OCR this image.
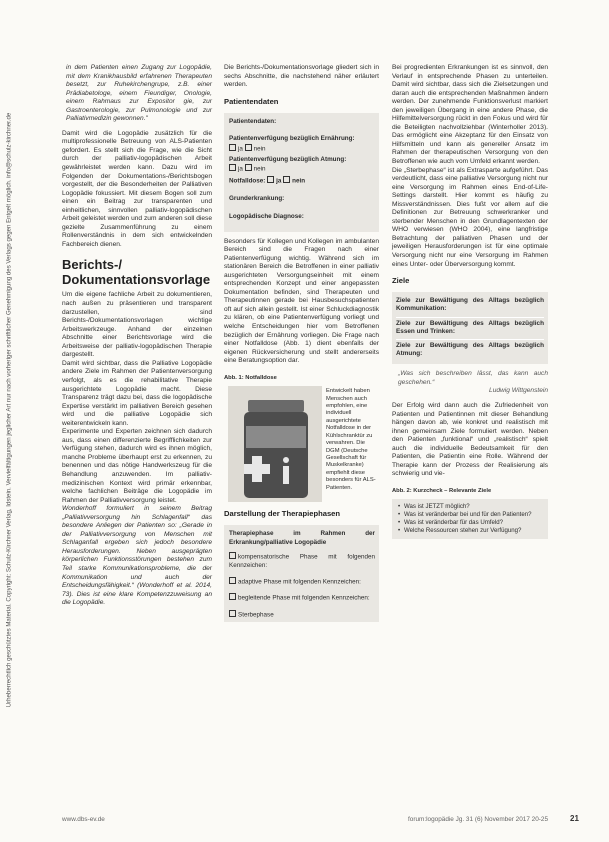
Urheberrechtlich geschütztes Material. Copyright: Schulz-Kirchner Verlag, Idstein. Vervielfältigungen jeglicher Art nur nach vorheriger schriftlicher Genehmigung des Verlags gegen Entgelt möglich. info@schulz-kirchner.de

in dem Patienten einen Zugang zur Logopädie, mit dem Kranikhausbild erfahrenen Therapeuten besetzt, zur Ruhekirchengrupe, z.B. einer Prädiabetologe, einem Fieundiger, Onologie, einem Rahmaus zur Expositor gie, zur Gastroenterologie, zur Pulmonologie und zur Palliativmedizin gewonnen."

Damit wird die Logopädie zusätzlich für die multiprofessionelle Betreuung von ALS-Patienten gefordert. Es stellt sich die Frage, wie die Sicht durch der palliativ-logopädischen Arbeit gewährleistet werden kann. Dazu wird im Folgenden der Dokumentations-/Berichtsbogen vorgestellt, der die Besonderheiten der Palliativen Logopädie fokussiert. Mit diesem Bogen soll zum einen ein Beitrag zur transparenten und einheitlichen, sinnvollen palliativ-logopädischen Arbeit geleistet werden und zum anderen soll diese gezielte Zusammenführung zu einem Rollenverständnis in dem sich entwickelnden Fachbereich dienen.

Berichts-/ Dokumentationsvorlage

Um die eigene fachliche Arbeit zu dokumentieren, nach außen zu präsentieren und transparent darzustellen, sind Berichts-/Dokumentationsvorlagen wichtige Arbeitswerkzeuge. Anhand der einzelnen Abschnitte einer Berichtsvorlage wird die Arbeitsweise der palliativ-logopädischen Therapie dargestellt.

Damit wird sichtbar, dass die Palliative Logopädie andere Ziele im Rahmen der Patientenversorgung verfolgt, als es die rehabilitative Therapie ausgerichtete Logopädie macht. Diese Transparenz trägt dazu bei, dass die logopädische Expertise verstärkt im palliativen Bereich gesehen wird und die palliative Logopädie sich weiterentwickeln kann.

Experimente und Experten zeichnen sich dadurch aus, dass einen differenzierte Begrifflichkeiten zur Verfügung stehen, dadurch wird es ihnen möglich, manche Probleme überhaupt erst zu erkennen, zu benennen und das nötige Handwerkszeug für die Behandlung anzuwenden. Im palliativ-medizinischen Kontext wird primär erkennbar, welche fachlichen Beiträge die Logopädie im Rahmen der Palliativversorgung leistet.

Wonderhoff formuliert in seinem Beitrag „Palliativversorgung hin Schlagenfall“ das besondere Anliegen der Patienten so: „Gerade in der Palliativversorgung von Menschen mit Schlaganfall ergeben sich jedoch besondere Herausforderungen. Neben ausgeprägten körperlichen Funktionsstörungen bestehen zum Teil starke Kommunikationsprobleme, die der Kommunikation und auch der Entscheidungsfähigkeit.“ (Wonderhoff et al. 2014, 73). Dies ist eine klare Kompetenzzuweisung an die Logopädie.

Die Berichts-/Dokumentationsvorlage gliedert sich in sechs Abschnitte, die nachstehend näher erläutert werden.

Patientendaten
Patientendaten:
Patientenverfügung bezüglich Ernährung:
ja nein
Patientenverfügung bezüglich Atmung:
ja nein
Notfalldose: ja nein
Grunderkrankung:
Logopädische Diagnose:

Besonders für Kollegen und Kollegen im ambulanten Bereich sind die Fragen nach einer Patientenverfügung wichtig. Während sich im stationären Bereich die Betroffenen in einer palliativ ausgerichteten Versorgungseinheit mit einem entsprechenden Konzept und einer angepassten Dokumentation befinden, sind Therapeuten und Therapeutinnen gerade bei Hausbesuchspatienten oft auf sich allein gestellt. Ist einer Schluckdiagnostik zu klären, ob eine Patientenverfügung vorliegt und welche Entscheidungen hier vom Betroffenen bezüglich der Ernährung vorliegen. Die Frage nach einer Notfalldose (Abb. 1) dient ebenfalls der eigenen Rückversicherung und stellt andererseits eine Beratungsoption dar.

Abb. 1: Notfalldose
Entwickelt haben Menschen auch empfohlen, eine individuell ausgerichtete Notfalldose in der Kühlschranktür zu verwahren. Die DGM (Deutsche Gesellschaft für Muskelkranke) empfiehlt diese besonders für ALS-Patienten.
Darstellung der Therapiephasen
Therapiephase im Rahmen der Erkrankung/palliative Logopädie
kompensatorische Phase mit folgenden Kennzeichen:
adaptive Phase mit folgenden Kennzeichen:
begleitende Phase mit folgenden Kennzeichen:
Sterbephase

Bei progredienten Erkrankungen ist es sinnvoll, den Verlauf in entsprechende Phasen zu unterteilen. Damit wird sichtbar, dass sich die Zielsetzungen und daran auch die entsprechenden Maßnahmen ändern werden. Der zunehmende Funktionsverlust markiert den jeweiligen Übergang in eine andere Phase, die Hilfemittelversorgung rückt in den Fokus und wird für die Beteiligten nachvollziehbar (Winterholler 2013). Das ermöglicht eine Akzeptanz für den Einsatz von Hilfsmitteln und kann als genereller Ansatz im Rahmen der therapeutischen Versorgung von den Betroffenen wie auch vom Umfeld erkannt werden.

Die „Sterbephase“ ist als Extrasparte aufgeführt. Das verdeutlicht, dass eine palliative Versorgung nicht nur eine Versorgung im Rahmen eines End-of-Life-Settings darstellt. Hier kommt es häufig zu Missverständnissen. Dies fußt vor allem auf die Definitionen zur Betreuung schwerkranker und sterbender Menschen in den Grundlagentexten der WHO verwiesen (WHO 2004), eine langfristige Betrachtung der palliativen Phasen und der jeweiligen Herausforderungen ist für eine optimale Versorgung nicht nur eine Versorgung im Rahmen eines Unter- oder Überversorgung kommt.

Ziele
Ziele zur Bewältigung des Alltags bezüglich Kommunikation:
Ziele zur Bewältigung des Alltags bezüglich Essen und Trinken:
Ziele zur Bewältigung des Alltags bezüglich Atmung:
„Was sich beschreiben lässt, das kann auch geschehen.“
Ludwig Wittgenstein

Der Erfolg wird dann auch die Zufriedenheit von Patienten und Patientinnen mit dieser Behandlung hängen davon ab, wie konkret und realistisch mit ihnen gemeinsam Ziele formuliert werden. Neben den Patienten „funktional“ und „realistisch“ spielt auch die individuelle Bedeutsamkeit für den Patienten, die Patientin eine Rolle. Während der Therapie kann der Prozess der Realisierung als schwierig und vie-

Abb. 2: Kurzcheck – Relevante Ziele
• Was ist JETZT möglich?
• Was ist veränderbar bei und für den Patienten?
• Was ist veränderbar für das Umfeld?
• Welche Ressourcen stehen zur Verfügung?
www.dbs-ev.de	forum:logopädie Jg. 31 (6) November 2017 20-25	21
